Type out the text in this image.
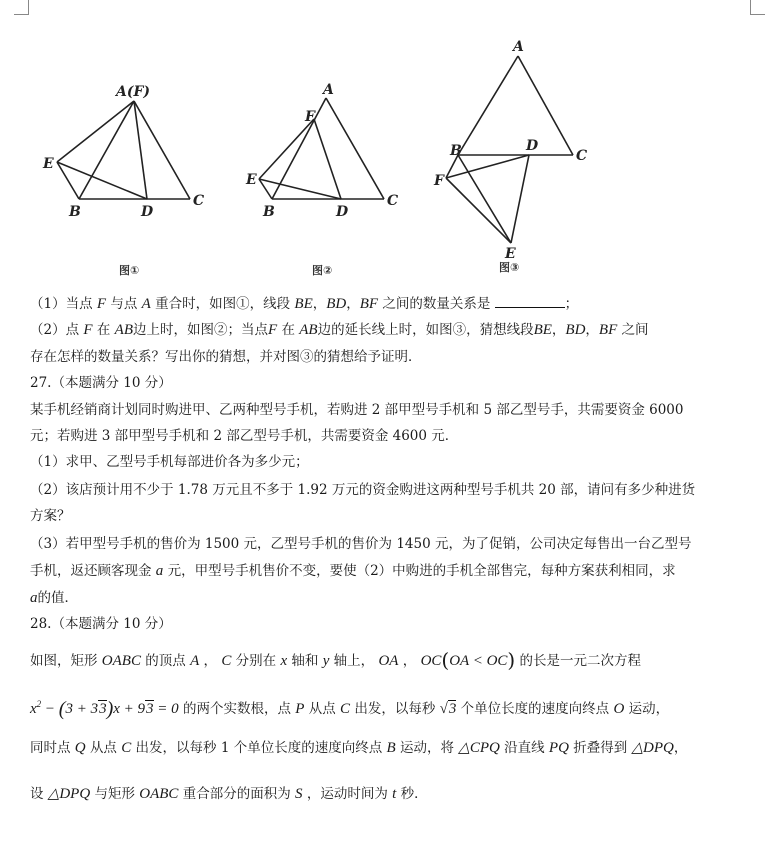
A(F)
E
B	D
C
图①
A
F
E
B	D
C
图②
A
B	D
C
F
E
图③
（1）当点 F 与点 A 重合时，如图①，线段 BE，BD，BF 之间的数量关系是	；
（2）点 F 在 AB边上时，如图②；当点F 在 AB边的延长线上时，如图③，猜想线段BE，BD，BF 之间
存在怎样的数量关系？写出你的猜想，并对图③的猜想给予证明．
27.（本题满分 10 分）
某手机经销商计划同时购进甲、乙两种型号手机，若购进 2 部甲型号手机和 5 部乙型号手，共需要资金 6000
元；若购进 3 部甲型号手机和 2 部乙型号手机，共需要资金 4600 元．
（1）求甲、乙型号手机每部进价各为多少元；
（2）该店预计用不少于 1.78 万元且不多于 1.92 万元的资金购进这两种型号手机共 20 部，请问有多少种进货
方案？
（3）若甲型号手机的售价为 1500 元，乙型号手机的售价为 1450 元，为了促销，公司决定每售出一台乙型号
手机，返还顾客现金 a 元，甲型号手机售价不变，要使（2）中购进的手机全部售完，每种方案获利相同，求
a的值．
28.（本题满分 10 分）
如图，矩形 OABC 的顶点 A ， C 分别在 x 轴和 y 轴上， OA ， OC(OA < OC) 的长是一元二次方程
$x^2 - (3 + 33)x + 93 = 0$ 的两个实数根，点 P 从点 C 出发，以每秒 √3 个单位长度的速度向终点 O 运动，
同时点 Q 从点 C 出发，以每秒 1 个单位长度的速度向终点 B 运动，将 △CPQ 沿直线 PQ 折叠得到 △DPQ，
设 △DPQ 与矩形 OABC 重合部分的面积为 S ，运动时间为 t 秒．
